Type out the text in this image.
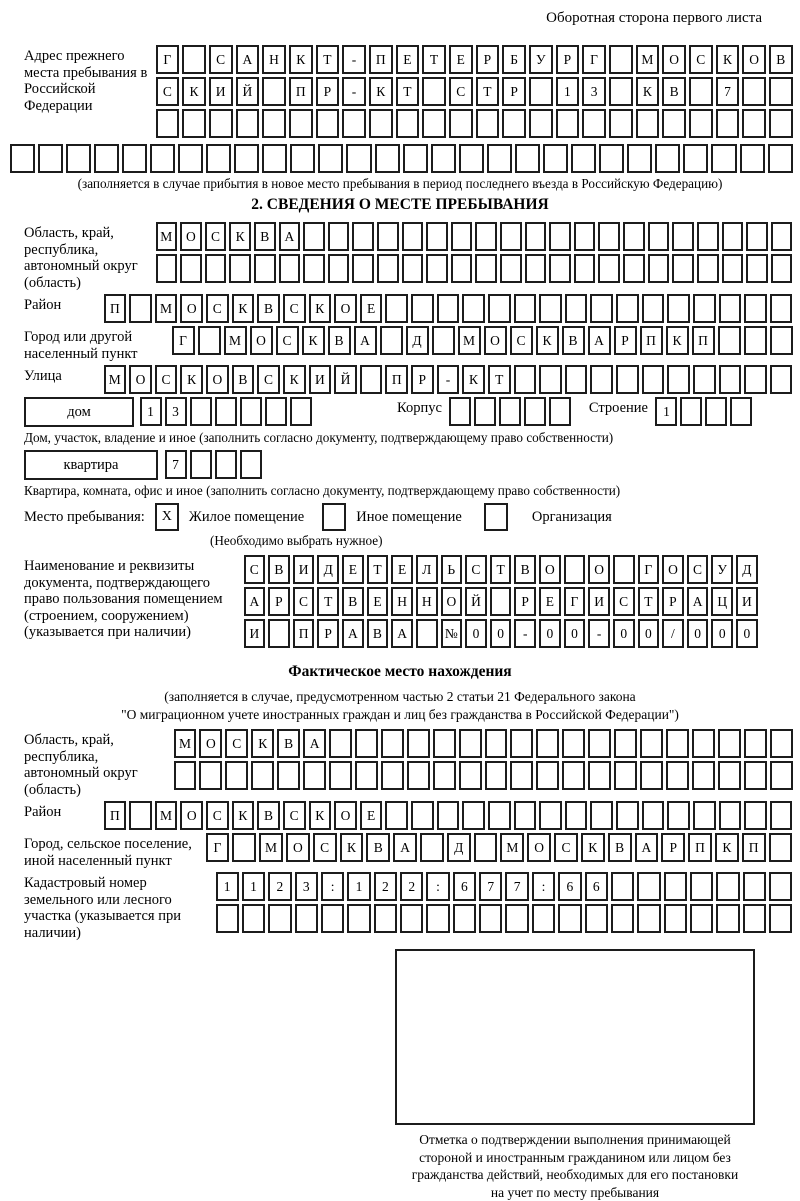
Оборотная сторона первого листа
Адрес прежнего места пребывания в Российской Федерации
Г	С	А	Н	К	Т	-	П	Е	Т	Е	Р	Б	У	Р	Г	М	О	С	К	О	В
С	К	И	Й	П	Р	-	К	Т	С	Т	Р	1	3	К	В	7
(заполняется в случае прибытия в новое место пребывания в период последнего въезда в Российскую Федерацию)
2. СВЕДЕНИЯ О МЕСТЕ ПРЕБЫВАНИЯ
Область, край, республика, автономный округ (область)
М	О	С	К	В	А
Район	П	М	О	С	К	В	С	К	О	Е
Город или другой населенный пункт
Г	М	О	С	К	В	А	Д	М	О	С	К	В	А	Р	П	К	П
Улица	М	О	С	К	О	В	С	К	И	Й	П	Р	-	К	Т
дом	1	3	Корпус	Строение	1
Дом, участок, владение и иное (заполнить согласно документу, подтверждающему право собственности)
квартира	7
Квартира, комната, офис и иное (заполнить согласно документу, подтверждающему право собственности)
Место пребывания:	X	Жилое помещение	Иное помещение	Организация
(Необходимо выбрать нужное)
Наименование и реквизиты документа, подтверждающего право пользования помещением (строением, сооружением) (указывается при наличии)
С	В	И	Д	Е	Т	Е	Л	Ь	С	Т	В	О	О	Г	О	С	У	Д
А	Р	С	Т	В	Е	Н	Н	О	Й	Р	Е	Г	И	С	Т	Р	А	Ц	И
И	П	Р	А	В	А	№	0	0	-	0	0	-	0	0	/	0	0	0
Фактическое место нахождения
(заполняется в случае, предусмотренном частью 2 статьи 21 Федерального закона
"О миграционном учете иностранных граждан и лиц без гражданства в Российской Федерации")
Область, край, республика, автономный округ (область)
М	О	С	К	В	А
Район	П	М	О	С	К	В	С	К	О	Е
Город, сельское поселение, иной населенный пункт
Г	М	О	С	К	В	А	Д	М	О	С	К	В	А	Р	П	К	П
Кадастровый номер земельного или лесного участка (указывается при наличии)
1	1	2	3	:	1	2	2	:	6	7	7	:	6	6
Отметка о подтверждении выполнения принимающей
стороной и иностранным гражданином или лицом без
гражданства действий, необходимых для его постановки
на учет по месту пребывания
